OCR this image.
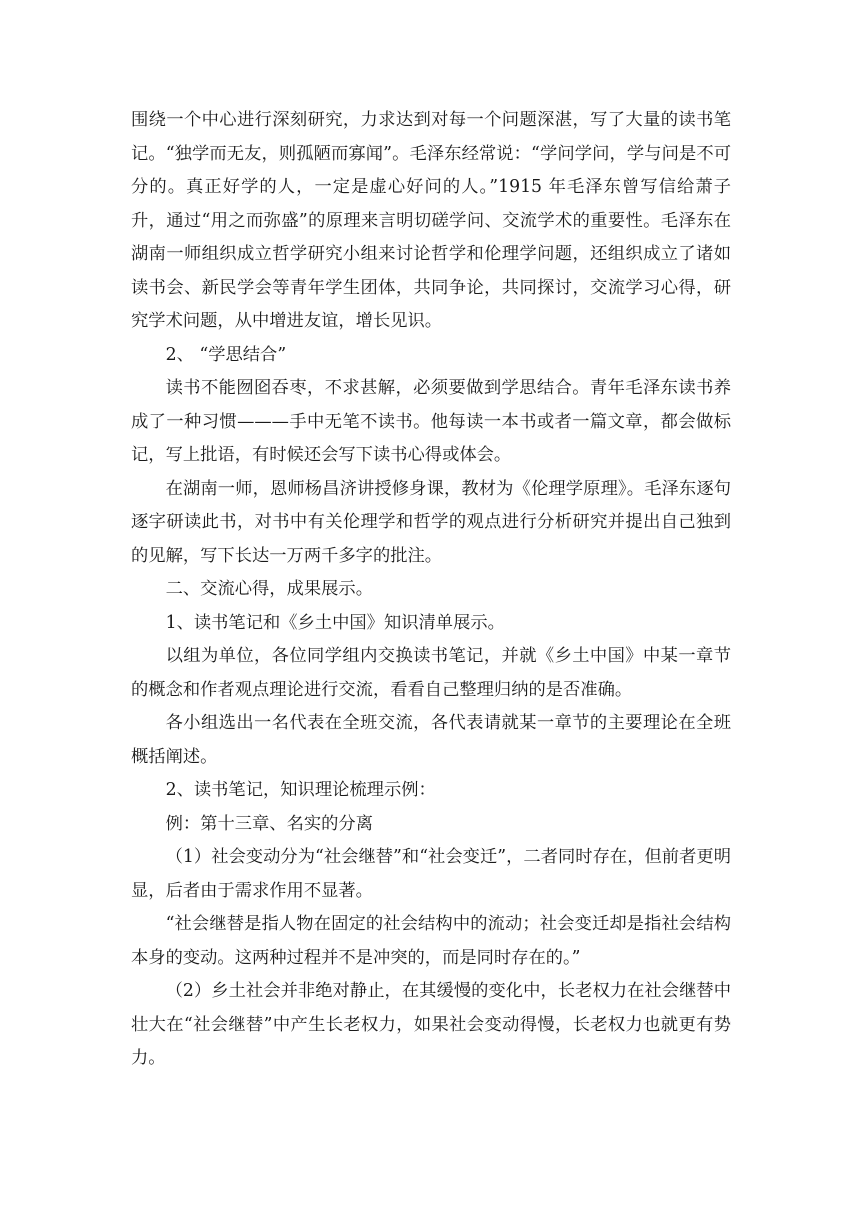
围绕一个中心进行深刻研究，力求达到对每一个问题深湛，写了大量的读书笔记。“独学而无友，则孤陋而寡闻”。毛泽东经常说：“学问学问，学与问是不可分的。真正好学的人，一定是虚心好问的人。”1915 年毛泽东曾写信给萧子升，通过“用之而弥盛”的原理来言明切磋学问、交流学术的重要性。毛泽东在湖南一师组织成立哲学研究小组来讨论哲学和伦理学问题，还组织成立了诸如读书会、新民学会等青年学生团体，共同争论，共同探讨，交流学习心得，研究学术问题，从中增进友谊，增长见识。

2、 “学思结合”

读书不能囫囵吞枣，不求甚解，必须要做到学思结合。青年毛泽东读书养成了一种习惯———手中无笔不读书。他每读一本书或者一篇文章，都会做标记，写上批语，有时候还会写下读书心得或体会。

在湖南一师，恩师杨昌济讲授修身课，教材为《伦理学原理》。毛泽东逐句逐字研读此书，对书中有关伦理学和哲学的观点进行分析研究并提出自己独到的见解，写下长达一万两千多字的批注。

二、交流心得，成果展示。

1、读书笔记和《乡土中国》知识清单展示。

以组为单位，各位同学组内交换读书笔记，并就《乡土中国》中某一章节的概念和作者观点理论进行交流，看看自己整理归纳的是否准确。

各小组选出一名代表在全班交流，各代表请就某一章节的主要理论在全班概括阐述。

2、读书笔记，知识理论梳理示例：

例：第十三章、名实的分离

（1）社会变动分为“社会继替”和“社会变迁”，二者同时存在，但前者更明显，后者由于需求作用不显著。

“社会继替是指人物在固定的社会结构中的流动；社会变迁却是指社会结构本身的变动。这两种过程并不是冲突的，而是同时存在的。”

（2）乡土社会并非绝对静止，在其缓慢的变化中，长老权力在社会继替中壮大在“社会继替”中产生长老权力，如果社会变动得慢，长老权力也就更有势力。
